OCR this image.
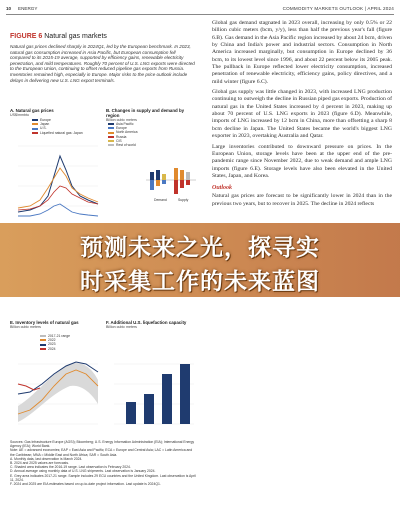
10 ENERGY	COMMODITY MARKETS OUTLOOK | APRIL 2024
FIGURE 6 Natural gas markets
Natural gas prices declined sharply in 2024Q1, led by the European benchmark. In 2023, natural gas consumption increased in Asia Pacific, but European consumption fell compared to its 2015-19 average, supported by efficiency gains, renewable electricity penetration, and mild temperatures. Roughly 70 percent of U.S. LNG exports were directed to the European Union, continuing to offset reduced pipeline gas exports from Russia. Inventories remained high, especially in Europe. Major risks to the price outlook include delays in delivering new U.S. LNG export terminals.
A. Natural gas prices
US$/mmbtu
Europe
Japan
U.S.
Liquefied natural gas: Japan
B. Changes in supply and demand by region
Billion cubic meters
Asia Pacific
Europe
North America
Russia
CIS
Rest of world
Demand	Supply
E. Inventory levels of natural gas
Billion cubic meters
2017-21 range
2022
2023
2024
F. Additional U.S. liquefaction capacity
Billion cubic meters
Sources: Gas Infrastructure Europe (AGSI); Bloomberg; U.S. Energy Information Administration (EIA); International Energy Agency (IEA); World Bank.
Note: AE = advanced economies; EAP = East Asia and Pacific; ECA = Europe and Central Asia; LAC = Latin America and the Caribbean; MNA = Middle East and North Africa; SAR = South Asia.
A. Monthly data, last observation is March 2024.
B. 2024 and 2025 values are forecasts.
C. Shaded area indicates the 2016-19 range. Last observation is February 2024.
D. Annual average using monthly data of U.S. LNG shipments. Last observation is January 2024.
E. Grey area indicates 2017-21 range. Sample includes 29 ECU countries and the United Kingdom. Last observation is April 11, 2024.
F. 2024 and 2025 are EIA estimates based on up-to-date project information. Last update is 2024Q1.

Global gas demand stagnated in 2023 overall, increasing by only 0.5% or 22 billion cubic meters (bcm, y/y), less than half the previous year's fall (figure 6.B). Gas demand in the Asia Pacific region increased by about 24 bcm, driven by China and India's power and industrial sectors. Consumption in North America increased marginally, but consumption in Europe declined by 36 bcm, to its lowest level since 1996, and about 22 percent below its 2005 peak. The pullback in Europe reflected lower electricity consumption, increased penetration of renewable electricity, efficiency gains, policy directives, and a mild winter (figure 6.C).

Global gas supply was little changed in 2023, with increased LNG production continuing to outweigh the decline in Russian piped gas exports. Production of natural gas in the United States increased by 4 percent in 2023, making up about 70 percent of U.S. LNG exports in 2023 (figure 6.D). Meanwhile, imports of LNG increased by 12 bcm in China, more than offsetting a sharp 8 bcm decline in Japan. The United States became the world's biggest LNG exporter in 2023, overtaking Australia and Qatar.

Large inventories contributed to downward pressure on prices. In the European Union, storage levels have been at the upper end of the pre-pandemic range since November 2022, due to weak demand and ample LNG imports (figure 6.E). Storage levels have also been elevated in the United States, Japan, and Korea.

Outlook

Natural gas prices are forecast to be significantly lower in 2024 than in the previous two years, but to recover in 2025. The decline in 2024 reflects

预测未来之光，探寻实
时采集工作的未来蓝图
